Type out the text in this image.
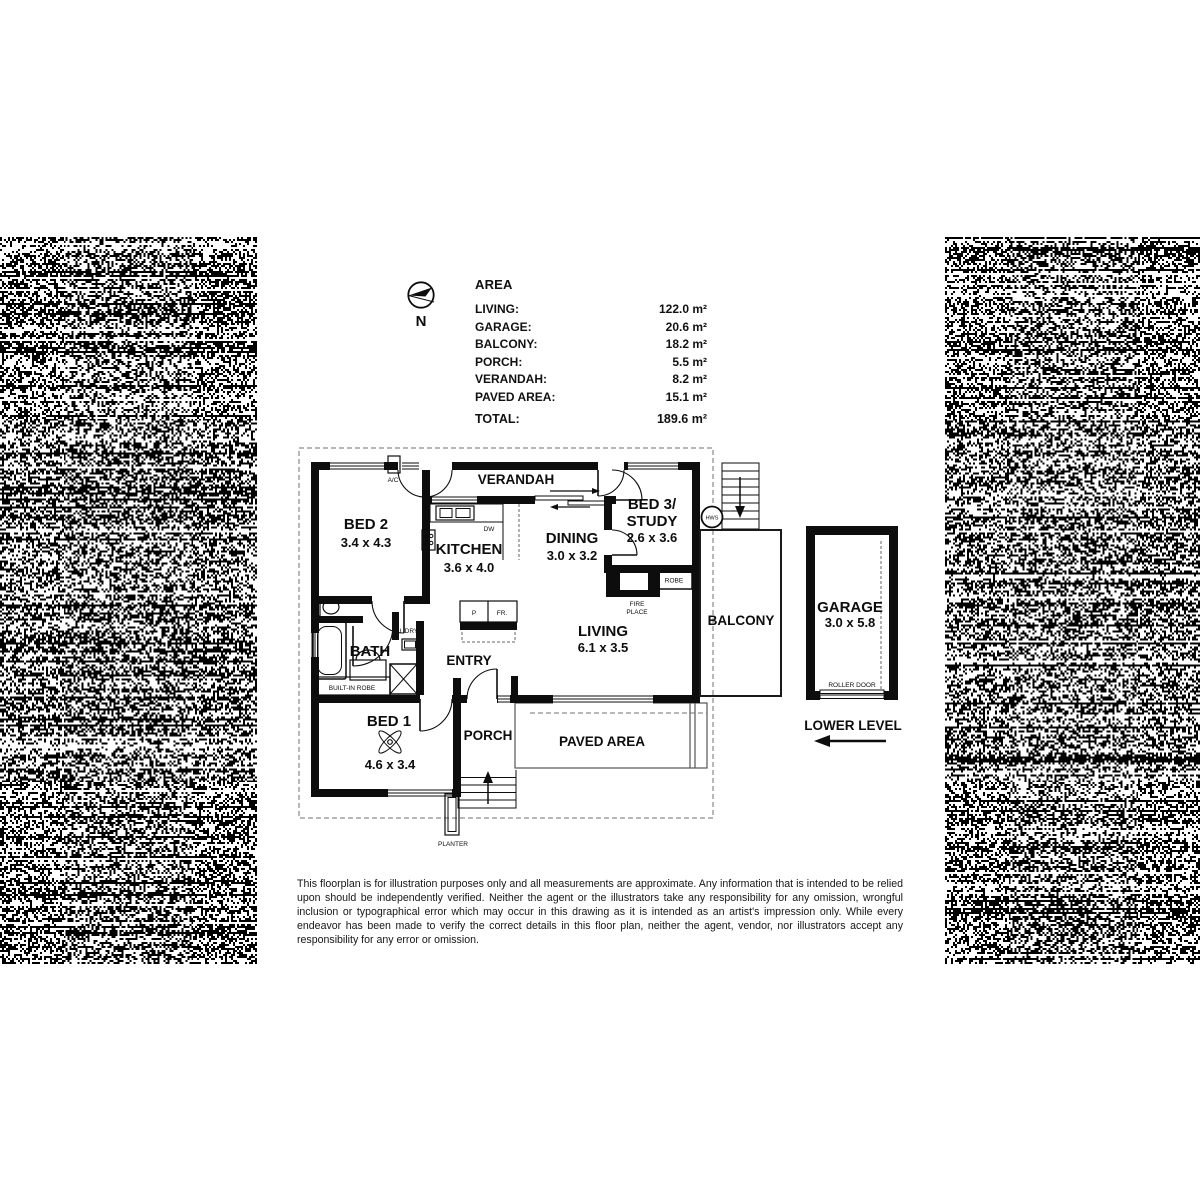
N
AREA
LIVING:	122.0 m²
GARAGE:	20.6 m²
BALCONY:	18.2 m²
PORCH:	5.5 m²
VERANDAH:	8.2 m²
PAVED AREA:	15.1 m²
TOTAL:	189.6 m²
VERANDAH
BED 2
3.4 x 4.3	KITCHEN
3.6 x 4.0
DINING
3.0 x 3.2
BED 3/
STUDY
2.6 x 3.6
LIVING
6.1 x 3.5
BALCONY
GARAGE
3.0 x 5.8
BATH
ENTRY
BED 1
4.6 x 3.4
PORCH	PAVED AREA
LOWER LEVEL
A/C
DW
P	FR.
L'DRY
ROBE
FIRE
PLACE
BUILT-IN ROBE
HWS
ROLLER DOOR
PLANTER

This floorplan is for illustration purposes only and all measurements are approximate. Any information that is intended to be relied upon should be independently verified. Neither the agent or the illustrators take any responsibility for any omission, wrongful inclusion or typographical error which may occur in this drawing as it is intended as an artist's impression only. While every endeavor has been made to verify the correct details in this floor plan, neither the agent, vendor, nor illustrators accept any responsibility for any error or omission.
